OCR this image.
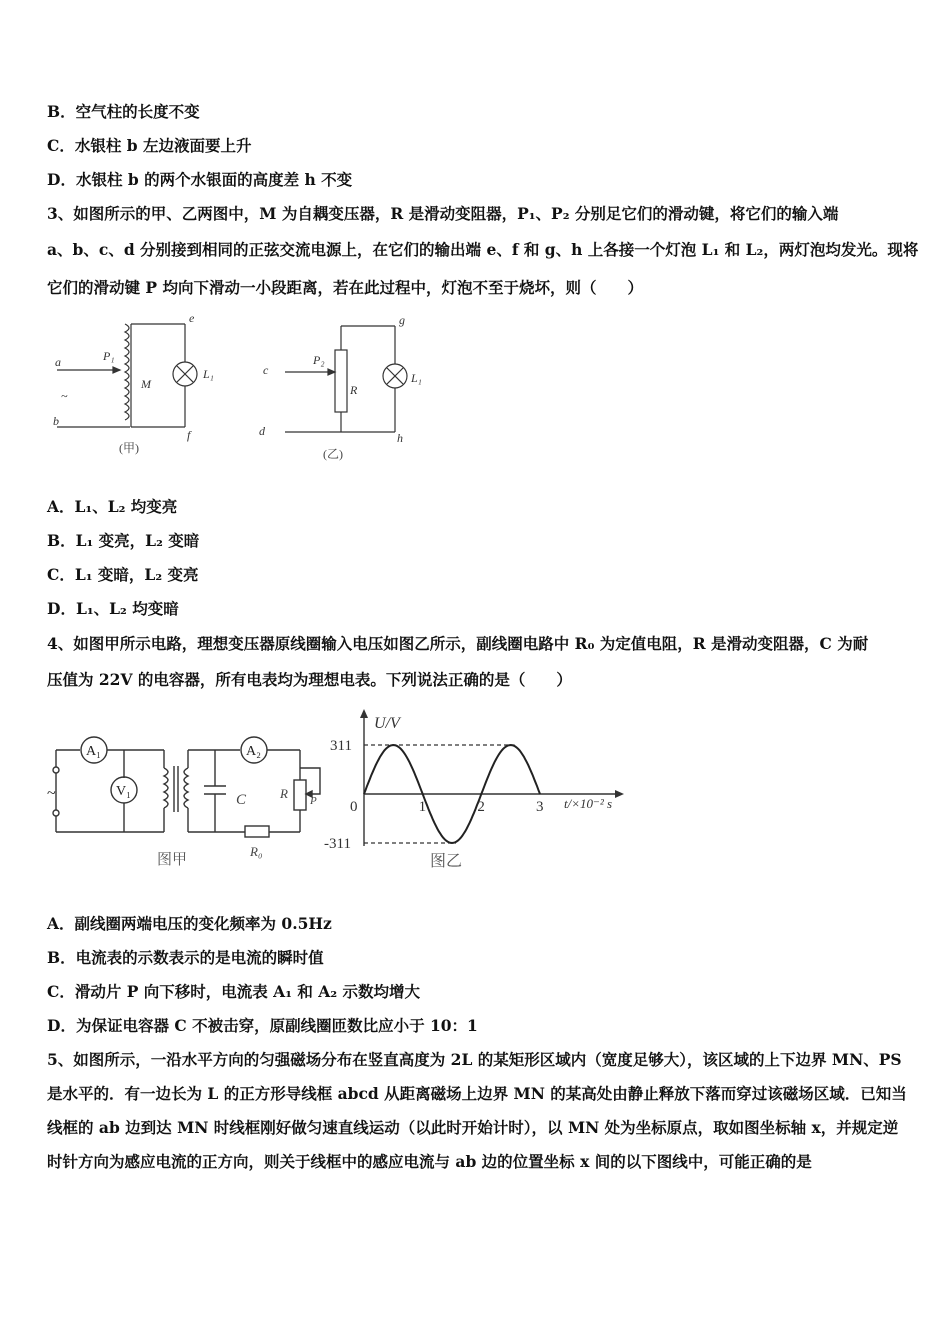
B．空气柱的长度不变
C．水银柱 b 左边液面要上升
D．水银柱 b 的两个水银面的高度差 h 不变
3、如图所示的甲、乙两图中，M 为自耦变压器，R 是滑动变阻器，P₁、P₂ 分别足它们的滑动键，将它们的输入端
a、b、c、d 分别接到相同的正弦交流电源上，在它们的输出端 e、f 和 g、h 上各接一个灯泡 L₁ 和 L₂，两灯泡均发光。现将
它们的滑动键 P 均向下滑动一小段距离，若在此过程中，灯泡不至于烧坏，则（　　）
a
~
b
P₁
M
e
L₁
f
c
d
P₂
R
g
L₁
h
(甲)	(乙)
A．L₁、L₂ 均变亮
B．L₁ 变亮，L₂ 变暗
C．L₁ 变暗，L₂ 变亮
D．L₁、L₂ 均变暗
4、如图甲所示电路，理想变压器原线圈输入电压如图乙所示，副线圈电路中 R₀ 为定值电阻，R 是滑动变阻器，C 为耐
压值为 22V 的电容器，所有电表均为理想电表。下列说法正确的是（　　）
A₁
V₁
A₂
~	C	R P
R₀
图甲
0	1	2	3
311
-311
U/V
t/×10⁻² s
图乙
A．副线圈两端电压的变化频率为 0.5Hz
B．电流表的示数表示的是电流的瞬时值
C．滑动片 P 向下移时，电流表 A₁ 和 A₂ 示数均增大
D．为保证电容器 C 不被击穿，原副线圈匝数比应小于 10：1
5、如图所示，一沿水平方向的匀强磁场分布在竖直高度为 2L 的某矩形区域内（宽度足够大），该区域的上下边界 MN、PS 是水平的．有一边长为 L 的正方形导线框 abcd 从距离磁场上边界 MN 的某高处由静止释放下落而穿过该磁场区域．已知当线框的 ab 边到达 MN 时线框刚好做匀速直线运动（以此时开始计时），以 MN 处为坐标原点，取如图坐标轴 x，并规定逆时针方向为感应电流的正方向，则关于线框中的感应电流与 ab 边的位置坐标 x 间的以下图线中，可能正确的是
